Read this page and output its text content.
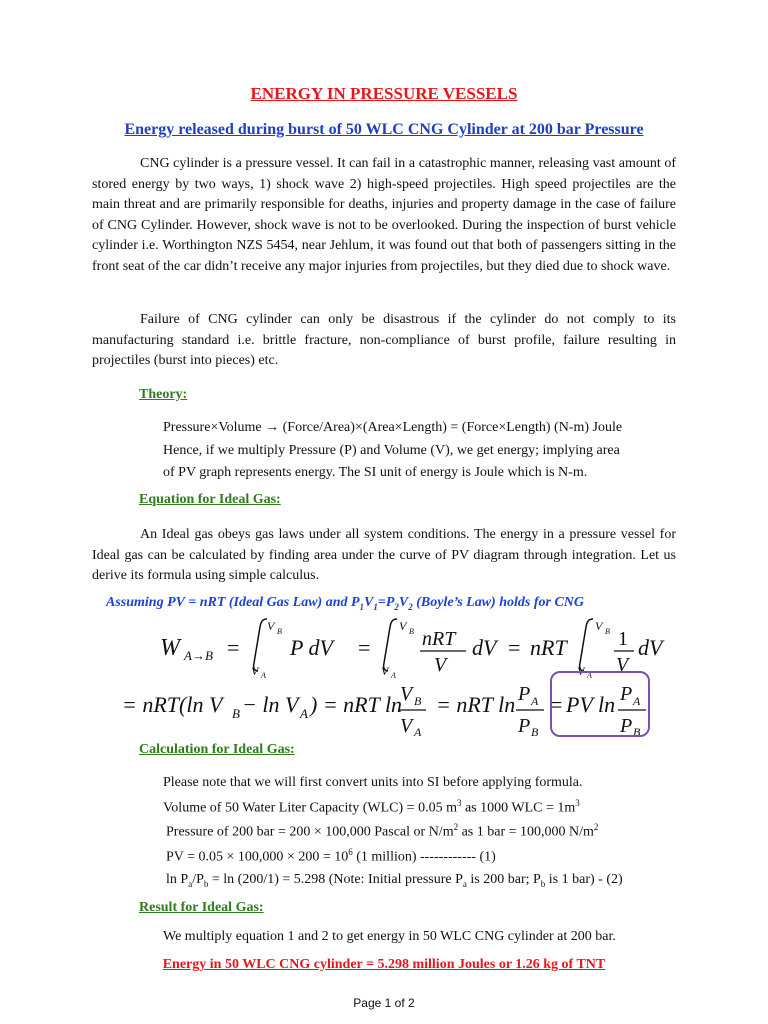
ENERGY IN PRESSURE VESSELS
Energy released during burst of 50 WLC CNG Cylinder at 200 bar Pressure
CNG cylinder is a pressure vessel. It can fail in a catastrophic manner, releasing vast amount of stored energy by two ways, 1) shock wave 2) high-speed projectiles. High speed projectiles are the main threat and are primarily responsible for deaths, injuries and property damage in the case of failure of CNG Cylinder. However, shock wave is not to be overlooked. During the inspection of burst vehicle cylinder i.e. Worthington NZS 5454, near Jehlum, it was found out that both of passengers sitting in the front seat of the car didn’t receive any major injuries from projectiles, but they died due to shock wave.
Failure of CNG cylinder can only be disastrous if the cylinder do not comply to its manufacturing standard i.e. brittle fracture, non-compliance of burst profile, failure resulting in projectiles (burst into pieces) etc.
Theory:
Pressure×Volume → (Force/Area)×(Area×Length) = (Force×Length) (N-m) Joule
Hence, if we multiply Pressure (P) and Volume (V), we get energy; implying area
of PV graph represents energy. The SI unit of energy is Joule which is N-m.
Equation for Ideal Gas:
An Ideal gas obeys gas laws under all system conditions. The energy in a pressure vessel for Ideal gas can be calculated by finding area under the curve of PV diagram through integration. Let us derive its formula using simple calculus.
Assuming PV = nRT (Ideal Gas Law) and $P_1V_1=P_2V_2$ (Boyle’s Law) holds for CNG
W A→B =
V B
V A
P dV =
V B
V A
nRT
V
dV = nRT
V B
V A
1
V
dV
= nRT(ln V B − ln V A ) = nRT ln
V B
V A
= nRT ln P A
P B
= PV ln P A
P B
Calculation for Ideal Gas:
Please note that we will first convert units into SI before applying formula.
Volume of 50 Water Liter Capacity (WLC) = 0.05 $m^3$ as 1000 WLC = $1m^3$
Pressure of 200 bar = 200 × 100,000 Pascal or $N/m^2$ as 1 bar = 100,000 $N/m^2$
PV = $0.05 \times 100,000 \times 200 = 10^6$ (1 million) ------------ (1)
$\ln P_a/P_b = \ln (200/1) = 5.298$ (Note: Initial pressure $P_a$ is 200 bar; $P_b$ is 1 bar) - (2)
Result for Ideal Gas:
We multiply equation 1 and 2 to get energy in 50 WLC CNG cylinder at 200 bar.
Energy in 50 WLC CNG cylinder = 5.298 million Joules or 1.26 kg of TNT
Page 1 of 2
